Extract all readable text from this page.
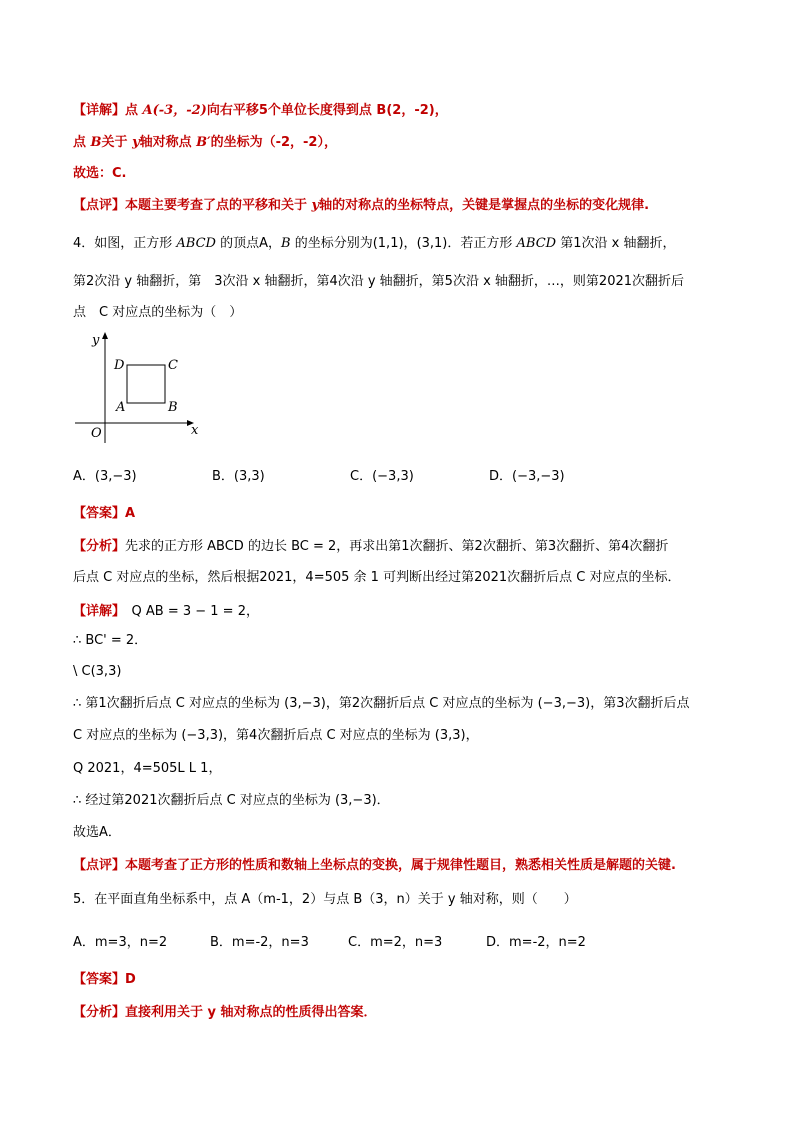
【详解】点 A(-3，-2)向右平移5个单位长度得到点 B(2，-2)，
点 B关于 y轴对称点 B′的坐标为（-2，-2），
故选：C.
【点评】本题主要考查了点的平移和关于 y轴的对称点的坐标特点，关键是掌握点的坐标的变化规律.
4．如图，正方形 ABCD 的顶点A，B 的坐标分别为(1,1)，(3,1)．若正方形 ABCD 第1次沿 x 轴翻折，
第2次沿 y 轴翻折，第　3次沿 x 轴翻折，第4次沿 y 轴翻折，第5次沿 x 轴翻折，…，则第2021次翻折后
点　C 对应点的坐标为（　）
y
x
O
A	B
C
D
A．(3,−3)	B．(3,3)	C．(−3,3)	D．(−3,−3)
【答案】A
【分析】先求的正方形 ABCD 的边长 BC = 2，再求出第1次翻折、第2次翻折、第3次翻折、第4次翻折
后点 C 对应点的坐标，然后根据2021，4=505 余 1 可判断出经过第2021次翻折后点 C 对应点的坐标．
【详解】　Q AB = 3 − 1 = 2，
∴ BC' = 2．
\ C(3,3)
∴ 第1次翻折后点 C 对应点的坐标为 (3,−3)，第2次翻折后点 C 对应点的坐标为 (−3,−3)，第3次翻折后点
C 对应点的坐标为 (−3,3)，第4次翻折后点 C 对应点的坐标为 (3,3)，
Q 2021，4=505L L 1，
∴ 经过第2021次翻折后点 C 对应点的坐标为 (3,−3)．
故选A．
【点评】本题考查了正方形的性质和数轴上坐标点的变换，属于规律性题目，熟悉相关性质是解题的关键.
5．在平面直角坐标系中，点 A（m-1，2）与点 B（3，n）关于 y 轴对称，则（　　）
A．m=3，n=2	B．m=-2，n=3	C．m=2，n=3	D．m=-2，n=2
【答案】D
【分析】直接利用关于 y 轴对称点的性质得出答案．
